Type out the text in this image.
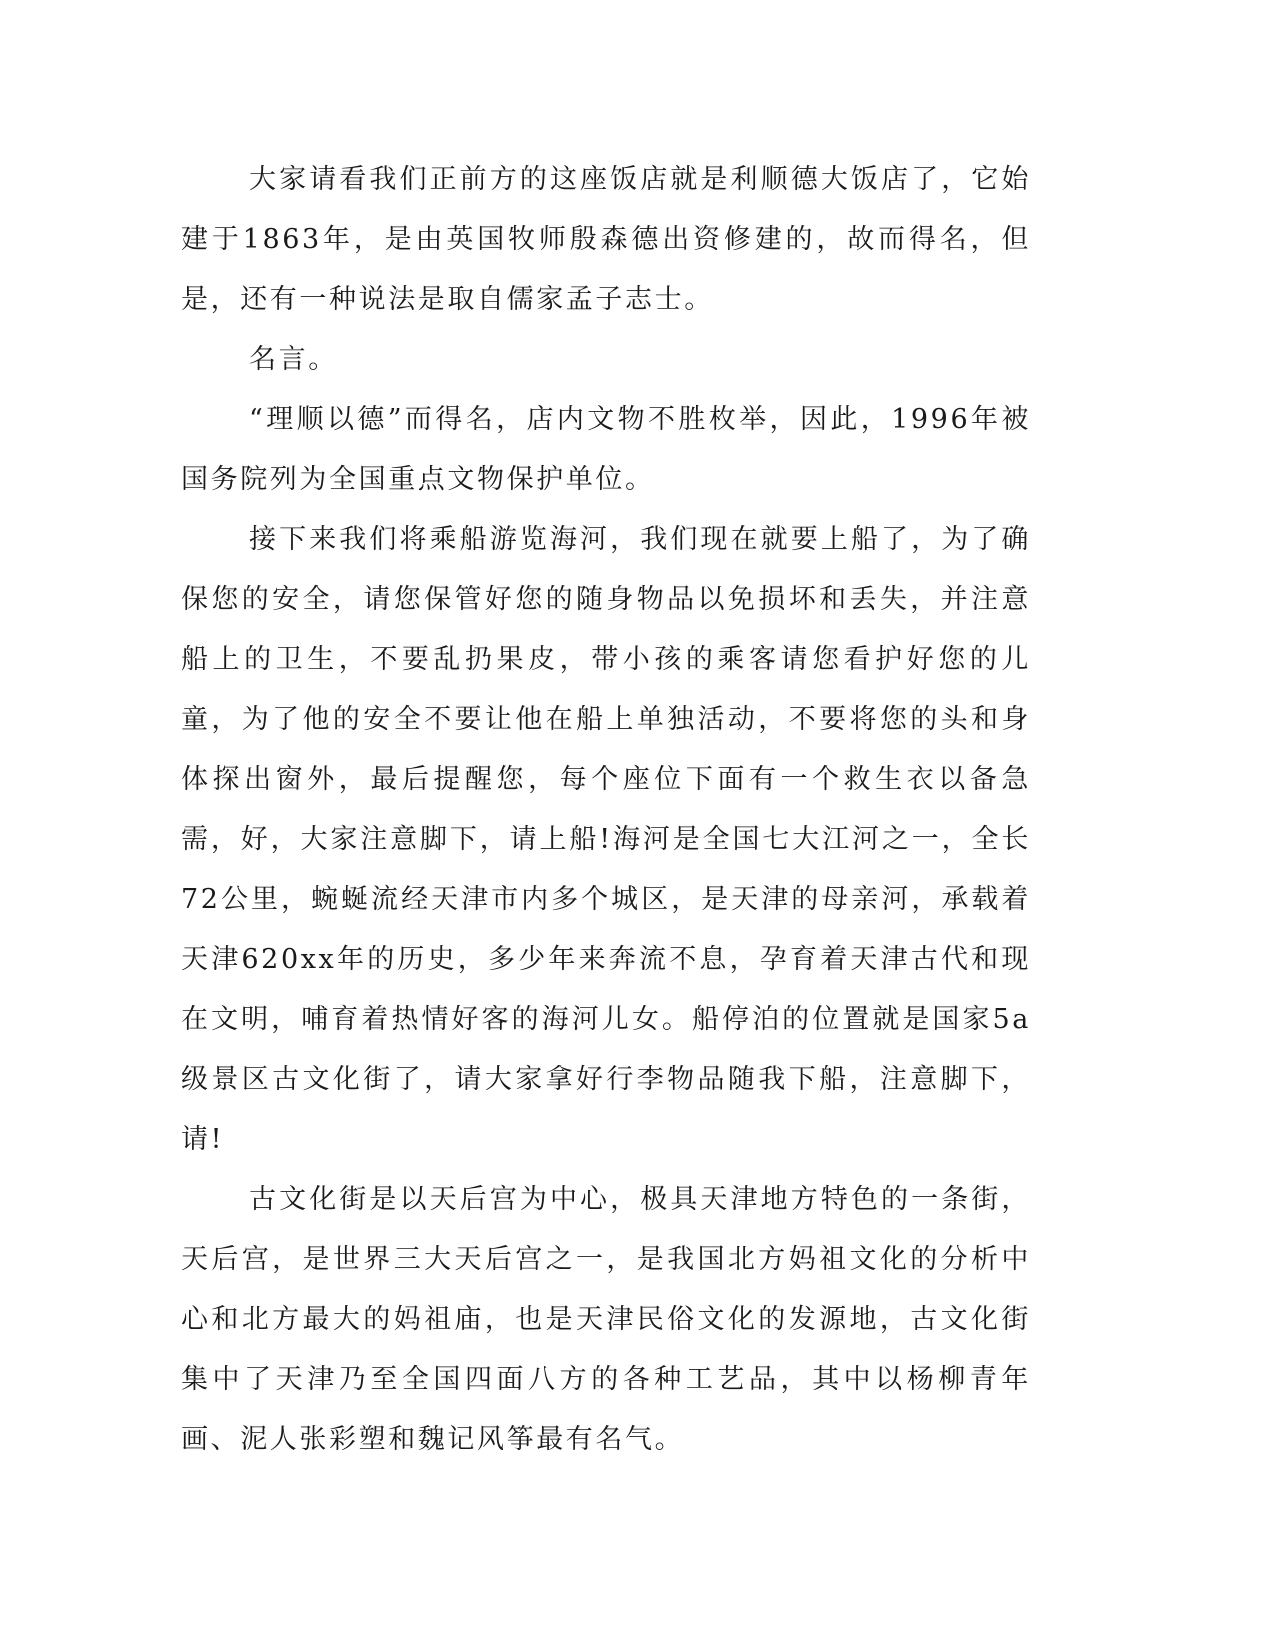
大家请看我们正前方的这座饭店就是利顺德大饭店了，它始建于1863年，是由英国牧师殷森德出资修建的，故而得名，但是，还有一种说法是取自儒家孟子志士。

名言。

“理顺以德”而得名，店内文物不胜枚举，因此，1996年被国务院列为全国重点文物保护单位。

接下来我们将乘船游览海河，我们现在就要上船了，为了确保您的安全，请您保管好您的随身物品以免损坏和丢失，并注意船上的卫生，不要乱扔果皮，带小孩的乘客请您看护好您的儿童，为了他的安全不要让他在船上单独活动，不要将您的头和身体探出窗外，最后提醒您，每个座位下面有一个救生衣以备急需，好，大家注意脚下，请上船!海河是全国七大江河之一，全长72公里，蜿蜒流经天津市内多个城区，是天津的母亲河，承载着天津620xx年的历史，多少年来奔流不息，孕育着天津古代和现在文明，哺育着热情好客的海河儿女。船停泊的位置就是国家5a级景区古文化街了，请大家拿好行李物品随我下船，注意脚下，请!

古文化街是以天后宫为中心，极具天津地方特色的一条街，天后宫，是世界三大天后宫之一，是我国北方妈祖文化的分析中心和北方最大的妈祖庙，也是天津民俗文化的发源地，古文化街集中了天津乃至全国四面八方的各种工艺品，其中以杨柳青年画、泥人张彩塑和魏记风筝最有名气。
